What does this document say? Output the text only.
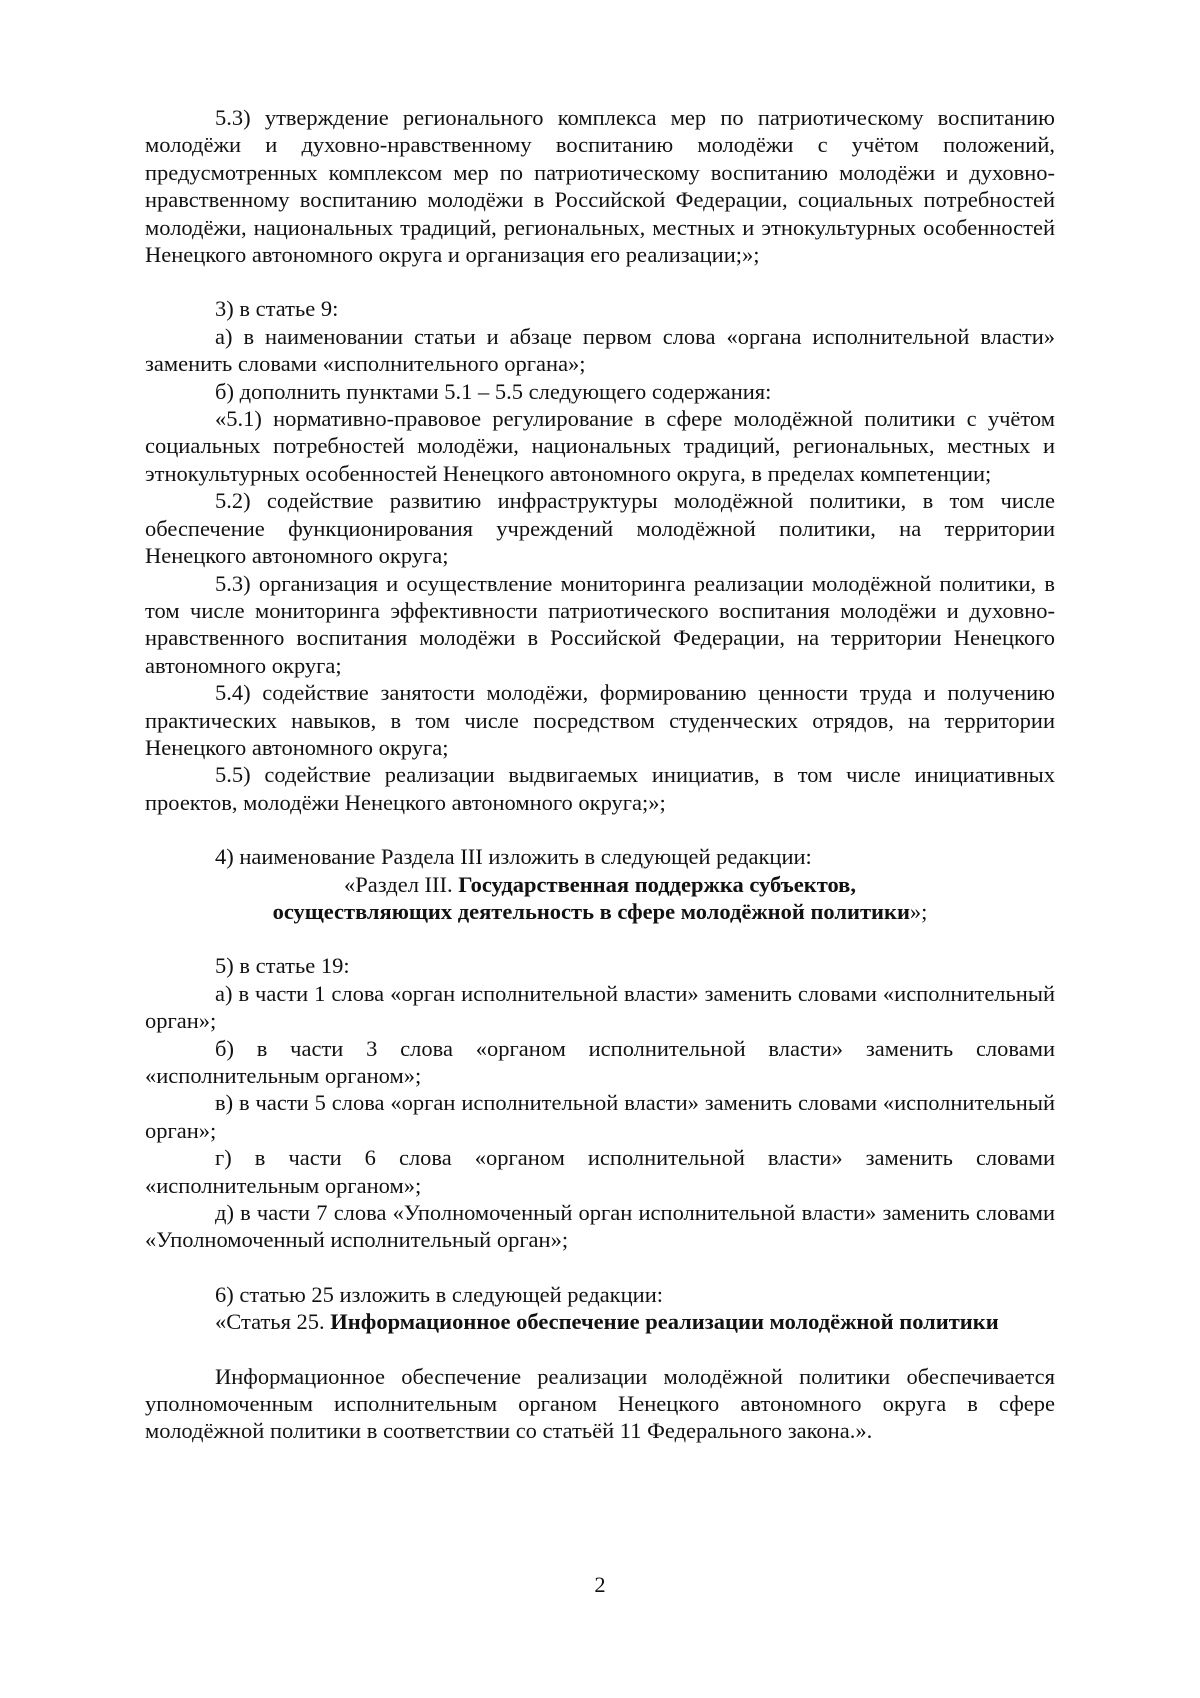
5.3) утверждение регионального комплекса мер по патриотическому воспитанию молодёжи и духовно-нравственному воспитанию молодёжи с учётом положений, предусмотренных комплексом мер по патриотическому воспитанию молодёжи и духовно-нравственному воспитанию молодёжи в Российской Федерации, социальных потребностей молодёжи, национальных традиций, региональных, местных и этнокультурных особенностей Ненецкого автономного округа и организация его реализации;»;

3) в статье 9:

а) в наименовании статьи и абзаце первом слова «органа исполнительной власти» заменить словами «исполнительного органа»;

б) дополнить пунктами 5.1 – 5.5 следующего содержания:

«5.1) нормативно-правовое регулирование в сфере молодёжной политики с учётом социальных потребностей молодёжи, национальных традиций, региональных, местных и этнокультурных особенностей Ненецкого автономного округа, в пределах компетенции;

5.2) содействие развитию инфраструктуры молодёжной политики, в том числе обеспечение функционирования учреждений молодёжной политики, на территории Ненецкого автономного округа;

5.3) организация и осуществление мониторинга реализации молодёжной политики, в том числе мониторинга эффективности патриотического воспитания молодёжи и духовно-нравственного воспитания молодёжи в Российской Федерации, на территории Ненецкого автономного округа;

5.4) содействие занятости молодёжи, формированию ценности труда и получению практических навыков, в том числе посредством студенческих отрядов, на территории Ненецкого автономного округа;

5.5) содействие реализации выдвигаемых инициатив, в том числе инициативных проектов, молодёжи Ненецкого автономного округа;»;

4) наименование Раздела III изложить в следующей редакции:

«Раздел III. Государственная поддержка субъектов,

осуществляющих деятельность в сфере молодёжной политики»;

5) в статье 19:

а) в части 1 слова «орган исполнительной власти» заменить словами «исполнительный орган»;

б) в части 3 слова «органом исполнительной власти» заменить словами «исполнительным органом»;

в) в части 5 слова «орган исполнительной власти» заменить словами «исполнительный орган»;

г) в части 6 слова «органом исполнительной власти» заменить словами «исполнительным органом»;

д) в части 7 слова «Уполномоченный орган исполнительной власти» заменить словами «Уполномоченный исполнительный орган»;

6) статью 25 изложить в следующей редакции:

«Статья 25. Информационное обеспечение реализации молодёжной политики

Информационное обеспечение реализации молодёжной политики обеспечивается уполномоченным исполнительным органом Ненецкого автономного округа в сфере молодёжной политики в соответствии со статьёй 11 Федерального закона.».

2
